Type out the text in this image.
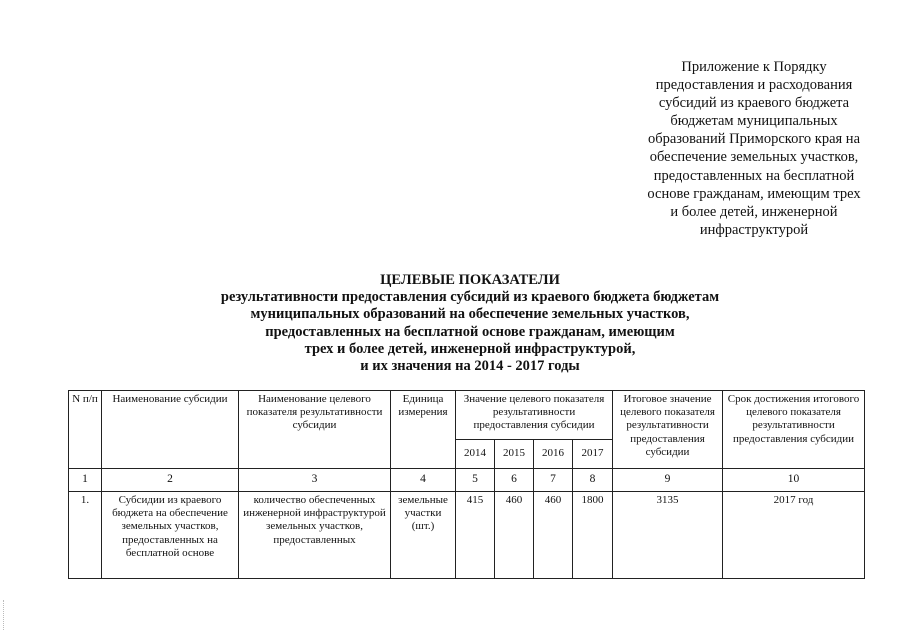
Приложение к Порядку
предоставления и расходования
субсидий из краевого бюджета
бюджетам муниципальных
образований Приморского края на
обеспечение земельных участков,
предоставленных на бесплатной
основе гражданам, имеющим трех
и более детей, инженерной
инфраструктурой
ЦЕЛЕВЫЕ ПОКАЗАТЕЛИ
результативности предоставления субсидий из краевого бюджета бюджетам
муниципальных образований на обеспечение земельных участков,
предоставленных на бесплатной основе гражданам, имеющим
трех и более детей, инженерной инфраструктурой,
и их значения на 2014 - 2017 годы
N п/п	Наименование субсидии	Наименование целевого показателя результативности субсидии	Единица измерения	Значение целевого показателя результативности предоставления субсидии				Итоговое значение целевого показателя результативности предоставления субсидии	Срок достижения итогового целевого показателя результативности предоставления субсидии
				2014	2015	2016	2017		
1	2	3	4	5	6	7	8	9	10
1.	Субсидии из краевого бюджета на обеспечение земельных участков, предоставленных на бесплатной основе	количество обеспеченных инженерной инфраструктурой земельных участков, предоставленных	земельные участки (шт.)	415	460	460	1800	3135	2017 год
